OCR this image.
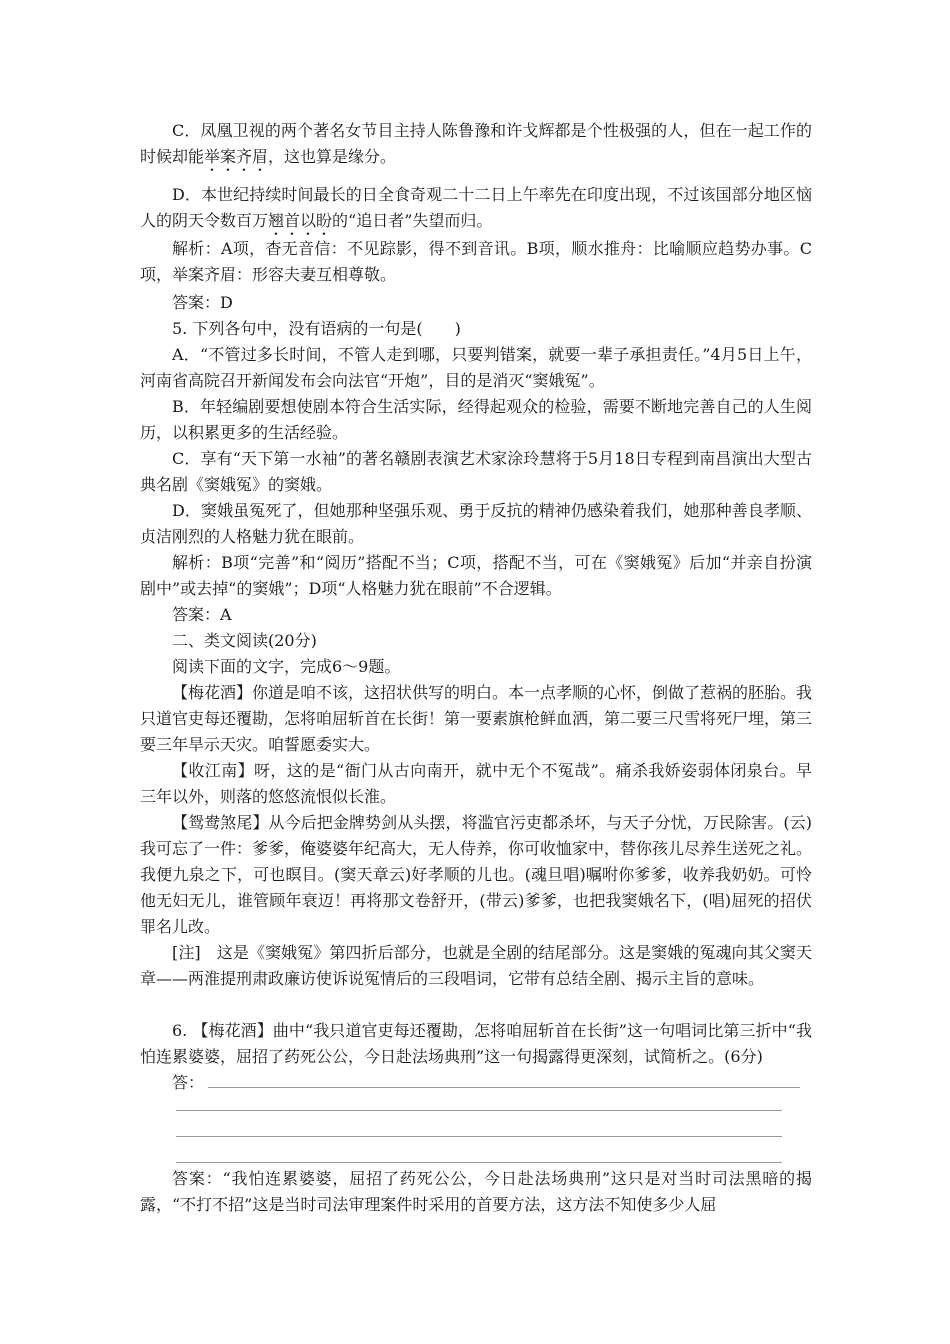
C．凤凰卫视的两个著名女节目主持人陈鲁豫和许戈辉都是个性极强的人，但在一起工作的时候却能举案齐眉，这也算是缘分。

D．本世纪持续时间最长的日全食奇观二十二日上午率先在印度出现，不过该国部分地区恼人的阴天令数百万翘首以盼的“追日者”失望而归。

解析：A项，杳无音信：不见踪影，得不到音讯。B项，顺水推舟：比喻顺应趋势办事。C项，举案齐眉：形容夫妻互相尊敬。

答案：D

5. 下列各句中，没有语病的一句是(　　)

A．“不管过多长时间，不管人走到哪，只要判错案，就要一辈子承担责任。”4月5日上午，河南省高院召开新闻发布会向法官“开炮”，目的是消灭“窦娥冤”。

B．年轻编剧要想使剧本符合生活实际，经得起观众的检验，需要不断地完善自己的人生阅历，以积累更多的生活经验。

C．享有“天下第一水袖”的著名赣剧表演艺术家涂玲慧将于5月18日专程到南昌演出大型古典名剧《窦娥冤》的窦娥。

D．窦娥虽冤死了，但她那种坚强乐观、勇于反抗的精神仍感染着我们，她那种善良孝顺、贞洁刚烈的人格魅力犹在眼前。

解析：B项“完善”和“阅历”搭配不当；C项，搭配不当，可在《窦娥冤》后加“并亲自扮演剧中”或去掉“的窦娥”；D项“人格魅力犹在眼前”不合逻辑。

答案：A

二、类文阅读(20分)

阅读下面的文字，完成6～9题。

【梅花酒】你道是咱不该，这招状供写的明白。本一点孝顺的心怀，倒做了惹祸的胚胎。我只道官吏每还覆勘，怎将咱屈斩首在长街！第一要素旗枪鲜血洒，第二要三尺雪将死尸埋，第三要三年旱示天灾。咱誓愿委实大。

【收江南】呀，这的是“衙门从古向南开，就中无个不冤哉”。痛杀我娇姿弱体闭泉台。早三年以外，则落的悠悠流恨似长淮。

【鸳鸯煞尾】从今后把金牌势剑从头摆，将滥官污吏都杀坏，与天子分忧，万民除害。(云)我可忘了一件：爹爹，俺婆婆年纪高大，无人侍养，你可收恤家中，替你孩儿尽养生送死之礼。我便九泉之下，可也瞑目。(窦天章云)好孝顺的儿也。(魂旦唱)嘱咐你爹爹，收养我奶奶。可怜他无妇无儿，谁管顾年衰迈！再将那文卷舒开，(带云)爹爹，也把我窦娥名下，(唱)屈死的招伏罪名儿改。

[注]　这是《窦娥冤》第四折后部分，也就是全剧的结尾部分。这是窦娥的冤魂向其父窦天章——两淮提刑肃政廉访使诉说冤情后的三段唱词，它带有总结全剧、揭示主旨的意味。

6. 【梅花酒】曲中“我只道官吏每还覆勘，怎将咱屈斩首在长街”这一句唱词比第三折中“我怕连累婆婆，屈招了药死公公，今日赴法场典刑”这一句揭露得更深刻，试简析之。(6分)

答：

答案：“我怕连累婆婆，屈招了药死公公，今日赴法场典刑”这只是对当时司法黑暗的揭露，“不打不招”这是当时司法审理案件时采用的首要方法，这方法不知使多少人屈
